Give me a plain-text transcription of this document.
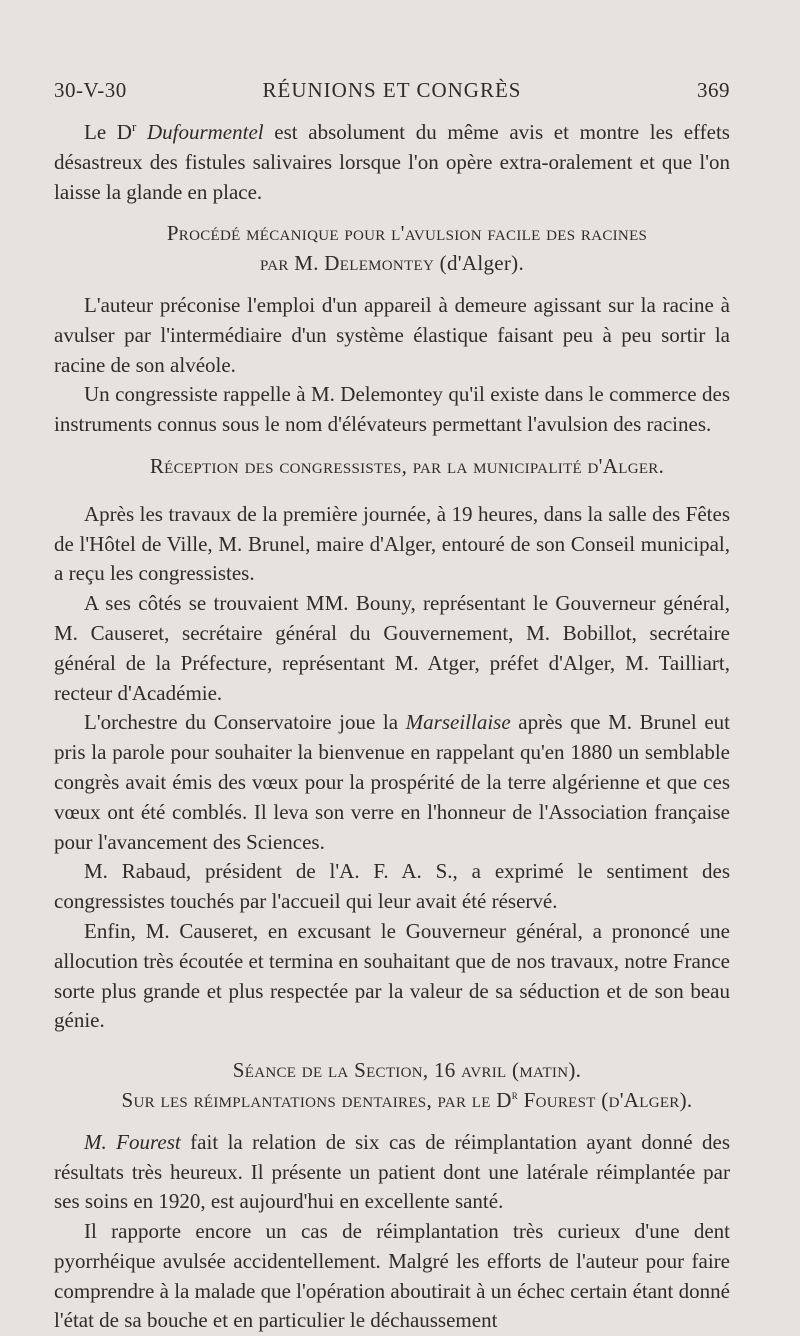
30-V-30	RÉUNIONS ET CONGRÈS	369

Le $D^r$ Dufourmentel est absolument du même avis et montre les effets désastreux des fistules salivaires lorsque l'on opère extra-oralement et que l'on laisse la glande en place.

Procédé mécanique pour l'avulsion facile des racines
par M. Delemontey (d'Alger).

L'auteur préconise l'emploi d'un appareil à demeure agissant sur la racine à avulser par l'intermédiaire d'un système élastique faisant peu à peu sortir la racine de son alvéole.

Un congressiste rappelle à M. Delemontey qu'il existe dans le commerce des instruments connus sous le nom d'élévateurs permettant l'avulsion des racines.

Réception des congressistes, par la municipalité d'Alger.

Après les travaux de la première journée, à 19 heures, dans la salle des Fêtes de l'Hôtel de Ville, M. Brunel, maire d'Alger, entouré de son Conseil municipal, a reçu les congressistes.

A ses côtés se trouvaient MM. Bouny, représentant le Gouverneur général, M. Causeret, secrétaire général du Gouvernement, M. Bobillot, secrétaire général de la Préfecture, représentant M. Atger, préfet d'Alger, M. Tailliart, recteur d'Académie.

L'orchestre du Conservatoire joue la Marseillaise après que M. Brunel eut pris la parole pour souhaiter la bienvenue en rappelant qu'en 1880 un semblable congrès avait émis des vœux pour la prospérité de la terre algérienne et que ces vœux ont été comblés. Il leva son verre en l'honneur de l'Association française pour l'avancement des Sciences.

M. Rabaud, président de l'A. F. A. S., a exprimé le sentiment des congressistes touchés par l'accueil qui leur avait été réservé.

Enfin, M. Causeret, en excusant le Gouverneur général, a prononcé une allocution très écoutée et termina en souhaitant que de nos travaux, notre France sorte plus grande et plus respectée par la valeur de sa séduction et de son beau génie.

Séance de la Section, 16 avril (matin).

Sur les réimplantations dentaires, par le $D^r$ Fourest (d'Alger).

M. Fourest fait la relation de six cas de réimplantation ayant donné des résultats très heureux. Il présente un patient dont une latérale réimplantée par ses soins en 1920, est aujourd'hui en excellente santé.

Il rapporte encore un cas de réimplantation très curieux d'une dent pyorrhéique avulsée accidentellement. Malgré les efforts de l'auteur pour faire comprendre à la malade que l'opération aboutirait à un échec certain étant donné l'état de sa bouche et en particulier le déchaussement
